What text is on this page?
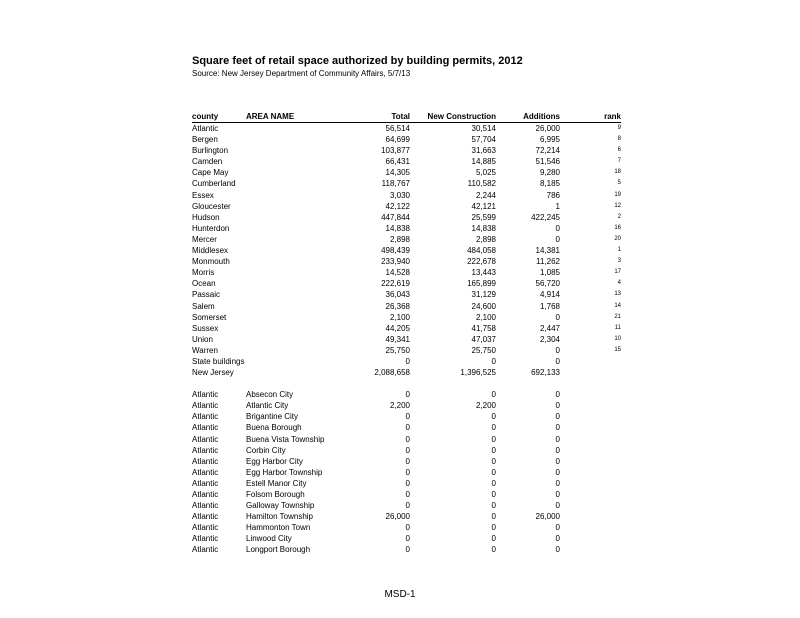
Square feet of retail space authorized by building permits, 2012
Source: New Jersey Department of Community Affairs, 5/7/13
county	AREA NAME	Total	New Construction	Additions	rank
Atlantic		56,514	30,514	26,000	9
Bergen		64,699	57,704	6,995	8
Burlington		103,877	31,663	72,214	6
Camden		66,431	14,885	51,546	7
Cape May		14,305	5,025	9,280	18
Cumberland		118,767	110,582	8,185	5
Essex		3,030	2,244	786	19
Gloucester		42,122	42,121	1	12
Hudson		447,844	25,599	422,245	2
Hunterdon		14,838	14,838	0	16
Mercer		2,898	2,898	0	20
Middlesex		498,439	484,058	14,381	1
Monmouth		233,940	222,678	11,262	3
Morris		14,528	13,443	1,085	17
Ocean		222,619	165,899	56,720	4
Passaic		36,043	31,129	4,914	13
Salem		26,368	24,600	1,768	14
Somerset		2,100	2,100	0	21
Sussex		44,205	41,758	2,447	11
Union		49,341	47,037	2,304	10
Warren		25,750	25,750	0	15
State buildings		0	0	0	
New Jersey		2,088,658	1,396,525	692,133	

Atlantic	Absecon City	0	0	0	
Atlantic	Atlantic City	2,200	2,200	0	
Atlantic	Brigantine City	0	0	0	
Atlantic	Buena Borough	0	0	0	
Atlantic	Buena Vista Township	0	0	0	
Atlantic	Corbin City	0	0	0	
Atlantic	Egg Harbor City	0	0	0	
Atlantic	Egg Harbor Township	0	0	0	
Atlantic	Estell Manor City	0	0	0	
Atlantic	Folsom Borough	0	0	0	
Atlantic	Galloway Township	0	0	0	
Atlantic	Hamilton Township	26,000	0	26,000	
Atlantic	Hammonton Town	0	0	0	
Atlantic	Linwood City	0	0	0	
Atlantic	Longport Borough	0	0	0	
MSD-1
